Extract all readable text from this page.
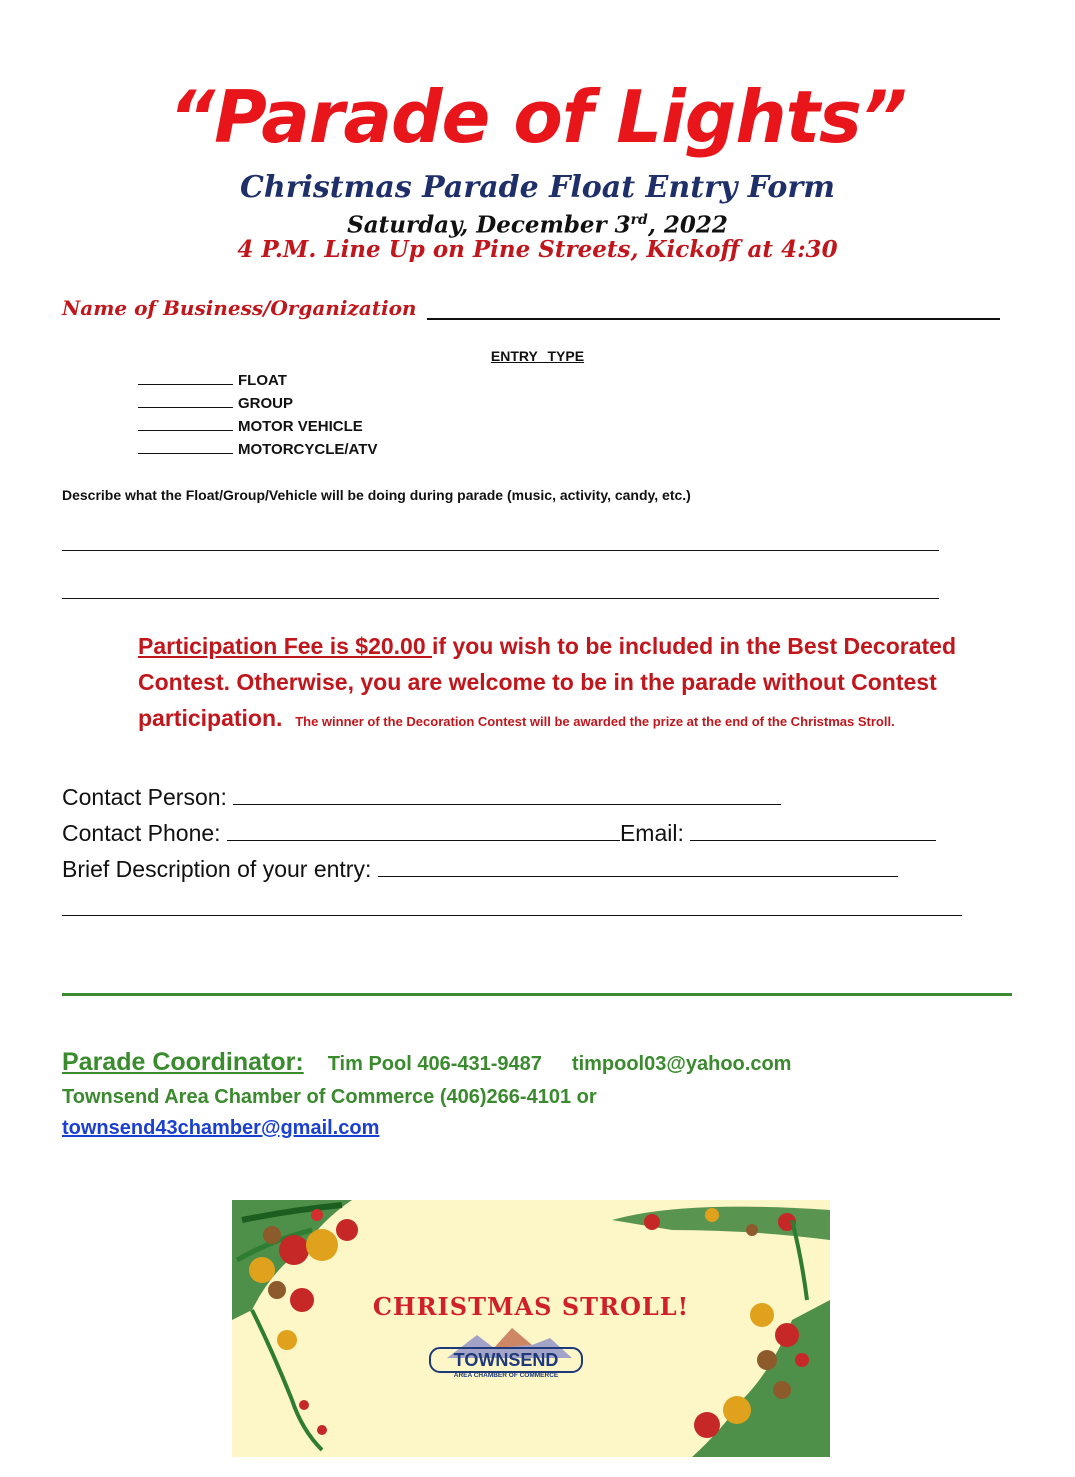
“Parade of Lights”
Christmas Parade Float Entry Form
Saturday, December 3rd, 2022
4 P.M. Line Up on Pine Streets, Kickoff at 4:30
Name of Business/Organization
ENTRY TYPE
FLOAT
GROUP
MOTOR VEHICLE
MOTORCYCLE/ATV
Describe what the Float/Group/Vehicle will be doing during parade (music, activity, candy, etc.)
Participation Fee is $20.00 if you wish to be included in the Best Decorated Contest. Otherwise, you are welcome to be in the parade without Contest participation. The winner of the Decoration Contest will be awarded the prize at the end of the Christmas Stroll.
Contact Person:
Contact Phone:	Email:
Brief Description of your entry:
Parade Coordinator: Tim Pool 406-431-9487 timpool03@yahoo.com
Townsend Area Chamber of Commerce (406)266-4101 or
townsend43chamber@gmail.com
CHRISTMAS STROLL!
TOWNSEND
AREA CHAMBER OF COMMERCE
